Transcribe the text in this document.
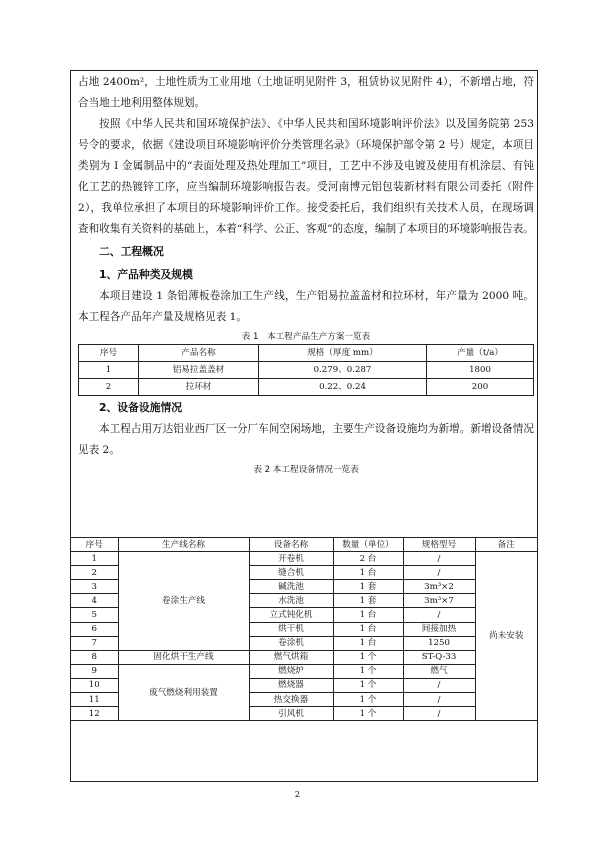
占地 2400m²，土地性质为工业用地（土地证明见附件 3，租赁协议见附件 4），不新增占地，符合当地土地利用整体规划。

按照《中华人民共和国环境保护法》、《中华人民共和国环境影响评价法》以及国务院第 253 号令的要求，依据《建设项目环境影响评价分类管理名录》（环境保护部令第 2 号）规定，本项目类别为 I 金属制品中的“表面处理及热处理加工”项目，工艺中不涉及电镀及使用有机涂层、有钝化工艺的热镀锌工序，应当编制环境影响报告表。受河南博元铝包装新材料有限公司委托（附件 2），我单位承担了本项目的环境影响评价工作。接受委托后，我们组织有关技术人员，在现场调查和收集有关资料的基础上，本着“科学、公正、客观”的态度，编制了本项目的环境影响报告表。

二、工程概况
1、产品种类及规模

本项目建设 1 条铝薄板卷涂加工生产线，生产铝易拉盖盖材和拉环材，年产量为 2000 吨。本工程各产品年产量及规格见表 1。

表 1　本工程产品生产方案一览表
序号	产品名称	规格（厚度 mm）	产量（t/a）
1	铝易拉盖盖材	0.279、0.287	1800
2	拉环材	0.22、0.24	200
2、设备设施情况

本工程占用万达铝业西厂区一分厂车间空闲场地，主要生产设备设施均为新增。新增设备情况见表 2。

表 2 本工程设备情况一览表
序号	生产线名称	设备名称	数量（单位）	规格型号	备注
1	卷涂生产线	开卷机	2 台	/	尚未安装
2		缝合机	1 台	/	
3		碱洗池	1 套	3m³×2	
4		水洗池	1 套	3m³×7	
5		立式钝化机	1 台	/	
6		烘干机	1 台	间接加热	
7		卷涂机	1 台	1250	
8	固化烘干生产线	燃气烘箱	1 个	ST-Q-33	
9	废气燃烧利用装置	燃烧炉	1 个	燃气	
10		燃烧器	1 个	/	
11		热交换器	1 个	/	
12		引风机	1 个	/	
2
